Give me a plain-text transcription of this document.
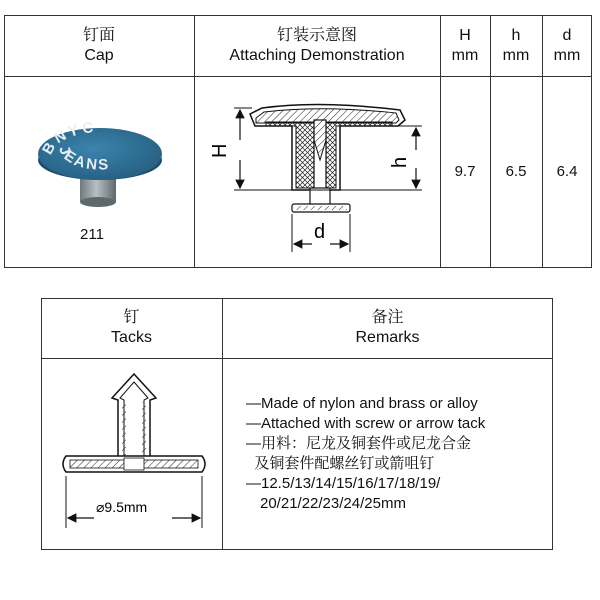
钉面
Cap
钉装示意图
Attaching Demonstration
H
mm
h
mm
d
mm
BNYC
JEANS
211
H
h
d
9.7	6.5	6.4
钉
Tacks
备注
Remarks
⌀9.5mm
—Made of nylon and brass or alloy
—Attached with screw or arrow tack
—用料：尼龙及铜套件或尼龙合金
及铜套件配螺丝钉或箭咀钉
—12.5/13/14/15/16/17/18/19/
20/21/22/23/24/25mm
